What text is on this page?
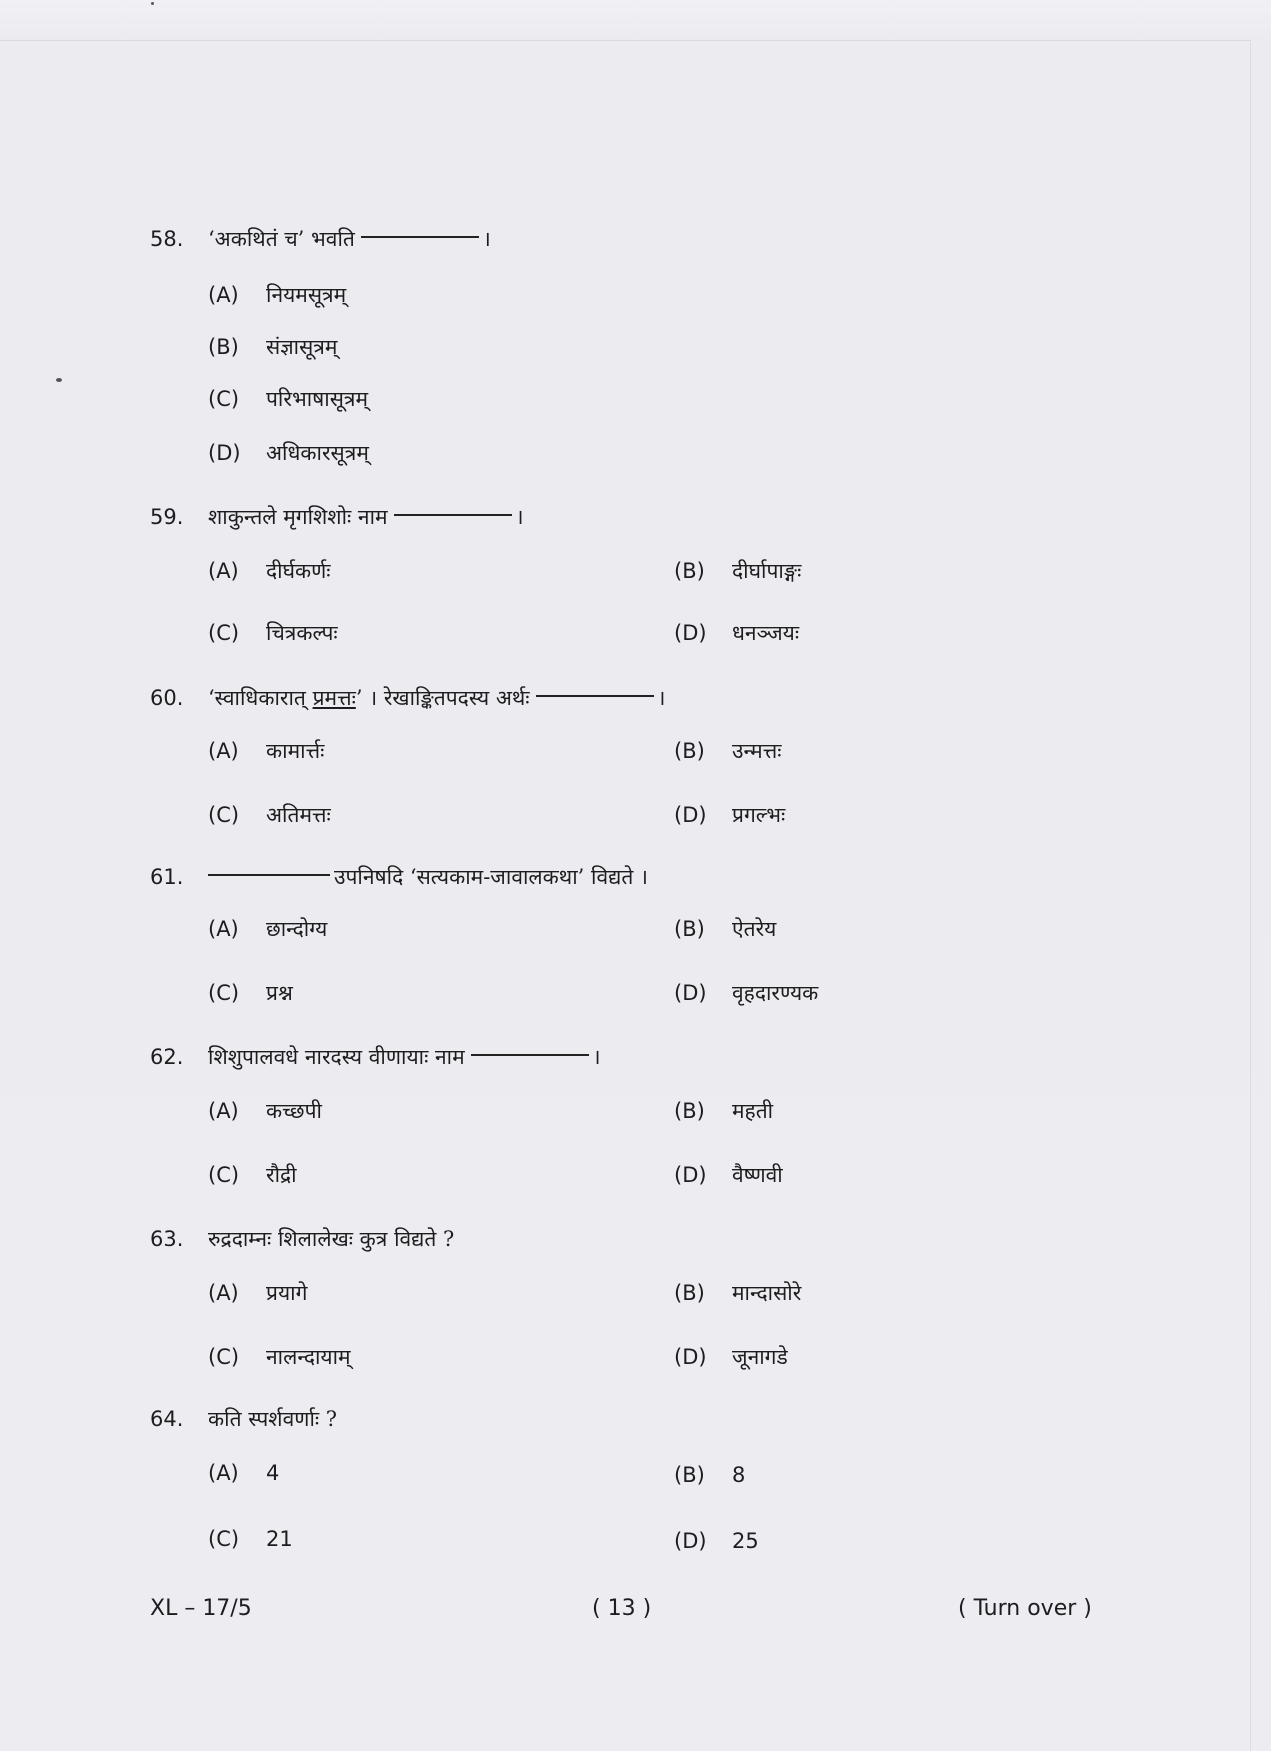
58. ‘अकथितं च’ भवति	।
(A) नियमसूत्रम्
(B) संज्ञासूत्रम्
(C) परिभाषासूत्रम्
(D) अधिकारसूत्रम्
59. शाकुन्तले मृगशिशोः नाम	।
(A) दीर्घकर्णः	(B) दीर्घापाङ्गः
(C) चित्रकल्पः	(D) धनञ्जयः
60. ‘स्वाधिकारात् प्रमत्तः’ । रेखाङ्कितपदस्य अर्थः	।
(A) कामार्त्तः	(B) उन्मत्तः
(C) अतिमत्तः	(D) प्रगल्भः
61.	उपनिषदि ‘सत्यकाम-जावालकथा’ विद्यते ।
(A) छान्दोग्य	(B) ऐतरेय
(C) प्रश्न	(D) वृहदारण्यक
62. शिशुपालवधे नारदस्य वीणायाः नाम	।
(A) कच्छपी	(B) महती
(C) रौद्री	(D) वैष्णवी
63. रुद्रदाम्नः शिलालेखः कुत्र विद्यते ?
(A) प्रयागे	(B) मान्दासोरे
(C) नालन्दायाम्	(D) जूनागडे
64. कति स्पर्शवर्णाः ?
(A) 4	(B) 8
(C) 21	(D) 25
XL – 17/5	( 13 )	( Turn over )
